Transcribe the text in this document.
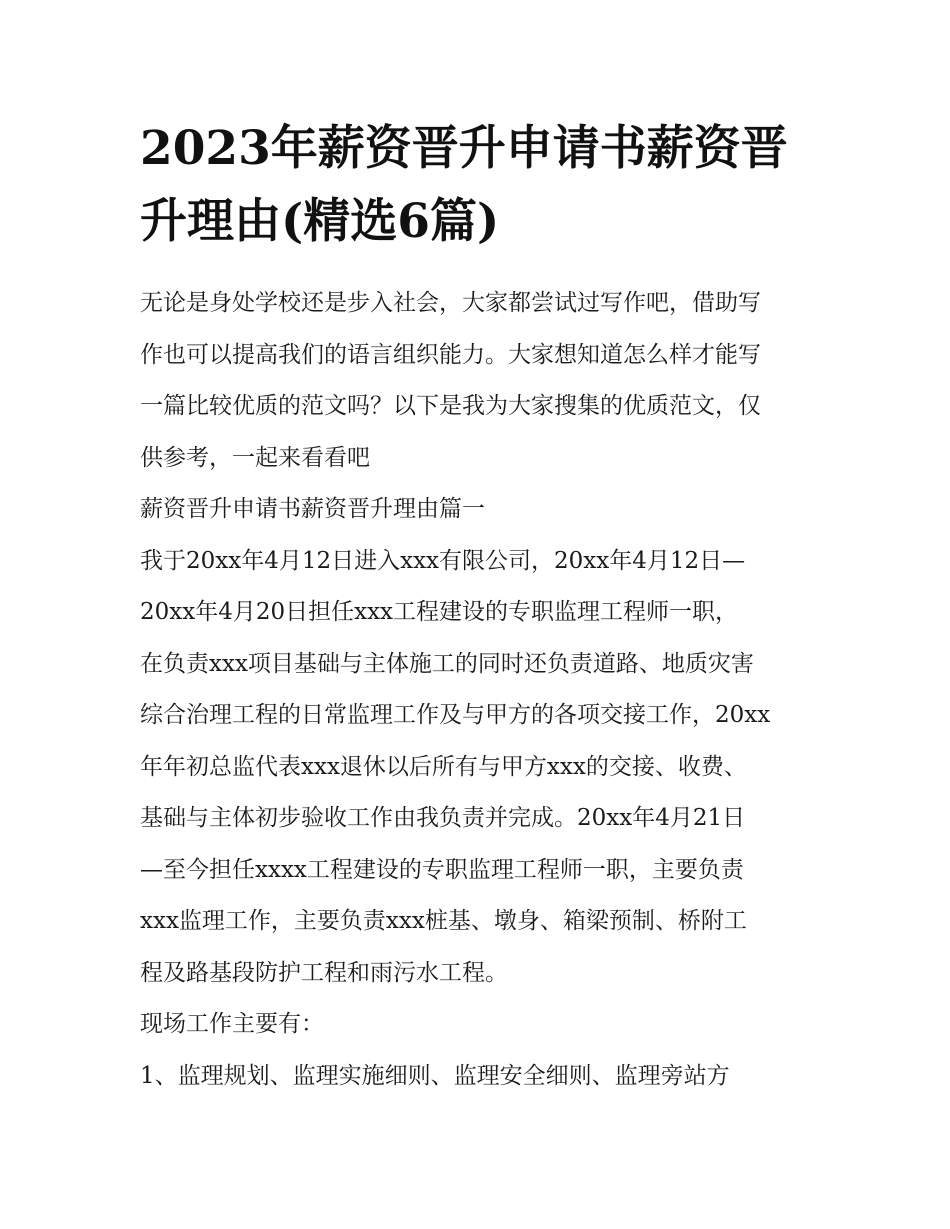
2023年薪资晋升申请书薪资晋
升理由(精选6篇)
无论是身处学校还是步入社会，大家都尝试过写作吧，借助写
作也可以提高我们的语言组织能力。大家想知道怎么样才能写
一篇比较优质的范文吗？以下是我为大家搜集的优质范文，仅
供参考，一起来看看吧
薪资晋升申请书薪资晋升理由篇一
我于20xx年4月12日进入xxx有限公司，20xx年4月12日—
20xx年4月20日担任xxx工程建设的专职监理工程师一职，
在负责xxx项目基础与主体施工的同时还负责道路、地质灾害
综合治理工程的日常监理工作及与甲方的各项交接工作，20xx
年年初总监代表xxx退休以后所有与甲方xxx的交接、收费、
基础与主体初步验收工作由我负责并完成。20xx年4月21日
—至今担任xxxx工程建设的专职监理工程师一职，主要负责
xxx监理工作，主要负责xxx桩基、墩身、箱梁预制、桥附工
程及路基段防护工程和雨污水工程。
现场工作主要有：
1、监理规划、监理实施细则、监理安全细则、监理旁站方
